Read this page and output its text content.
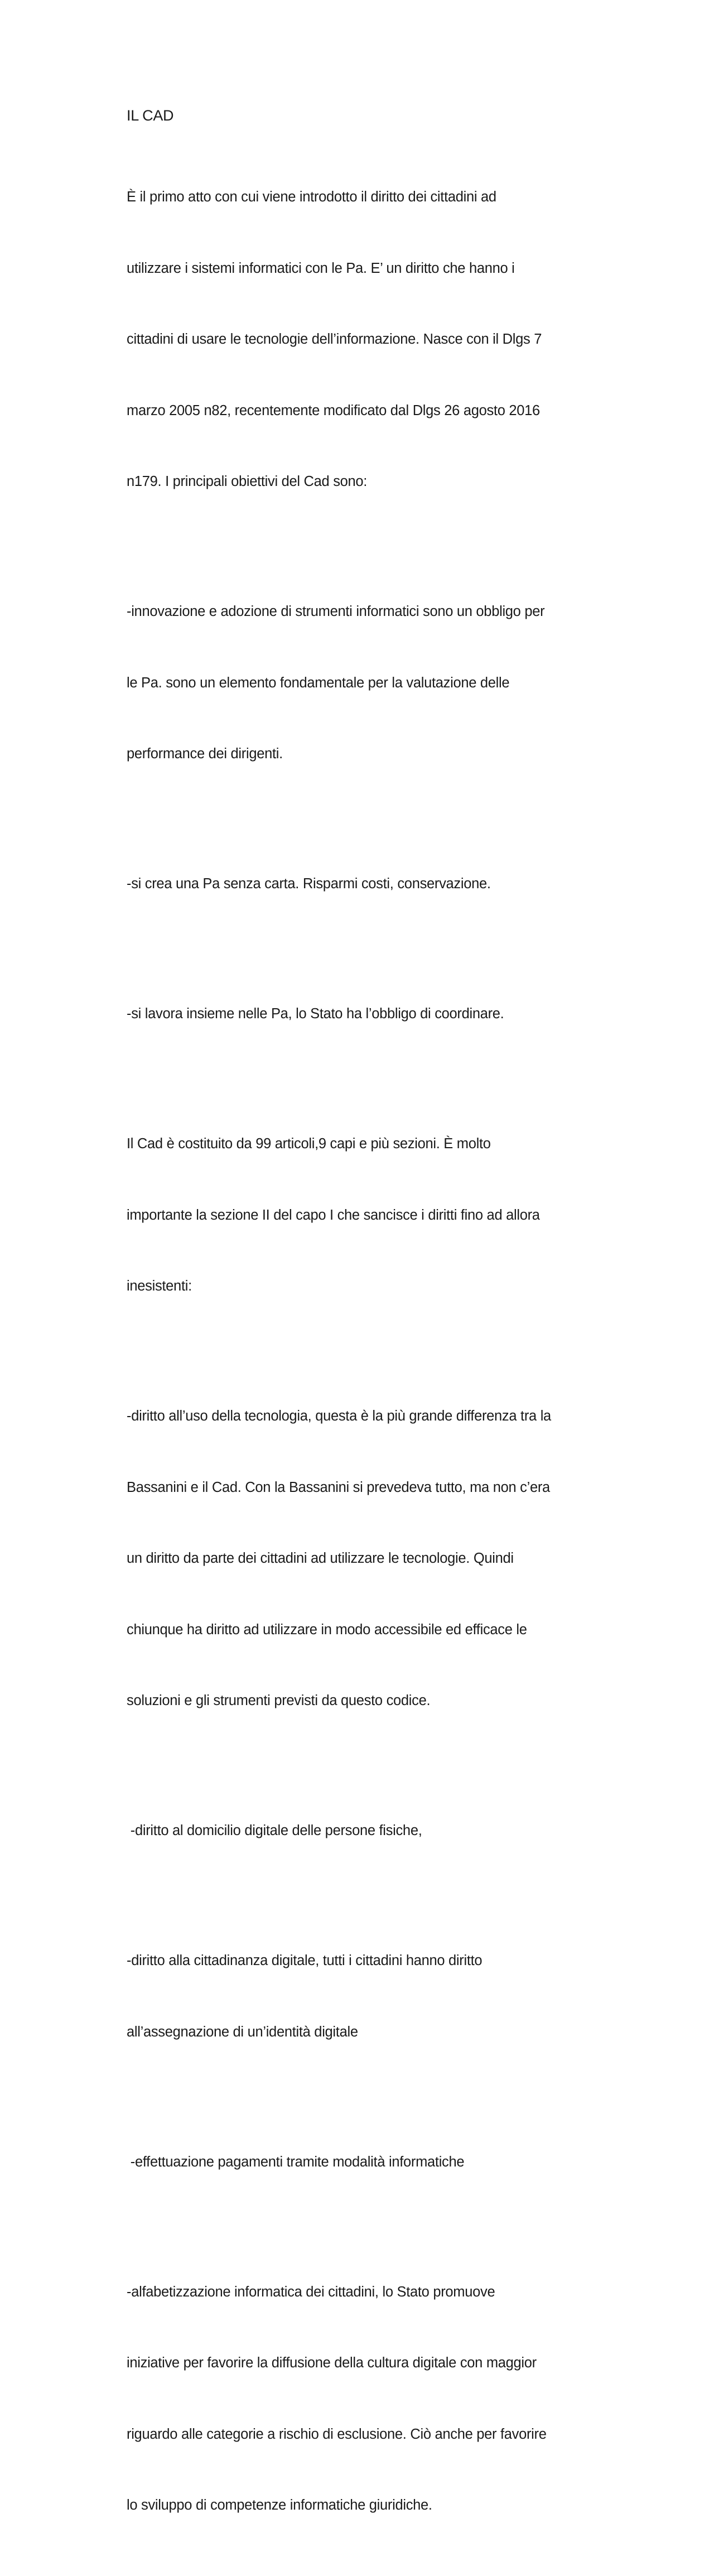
IL CAD

È il primo atto con cui viene introdotto il diritto dei cittadini ad

utilizzare i sistemi informatici con le Pa. E’ un diritto che hanno i

cittadini di usare le tecnologie dell’informazione. Nasce con il Dlgs 7

marzo 2005 n82, recentemente modificato dal Dlgs 26 agosto 2016

n179. I principali obiettivi del Cad sono:

-innovazione e adozione di strumenti informatici sono un obbligo per

le Pa. sono un elemento fondamentale per la valutazione delle

performance dei dirigenti.

-si crea una Pa senza carta. Risparmi costi, conservazione.

-si lavora insieme nelle Pa, lo Stato ha l’obbligo di coordinare.

Il Cad è costituito da 99 articoli,9 capi e più sezioni. È molto

importante la sezione II del capo I che sancisce i diritti fino ad allora

inesistenti:

-diritto all’uso della tecnologia, questa è la più grande differenza tra la

Bassanini e il Cad. Con la Bassanini si prevedeva tutto, ma non c’era

un diritto da parte dei cittadini ad utilizzare le tecnologie. Quindi

chiunque ha diritto ad utilizzare in modo accessibile ed efficace le

soluzioni e gli strumenti previsti da questo codice.

-diritto al domicilio digitale delle persone fisiche,

-diritto alla cittadinanza digitale, tutti i cittadini hanno diritto

all’assegnazione di un’identità digitale

-effettuazione pagamenti tramite modalità informatiche

-alfabetizzazione informatica dei cittadini, lo Stato promuove

iniziative per favorire la diffusione della cultura digitale con maggior

riguardo alle categorie a rischio di esclusione. Ciò anche per favorire

lo sviluppo di competenze informatiche giuridiche.
